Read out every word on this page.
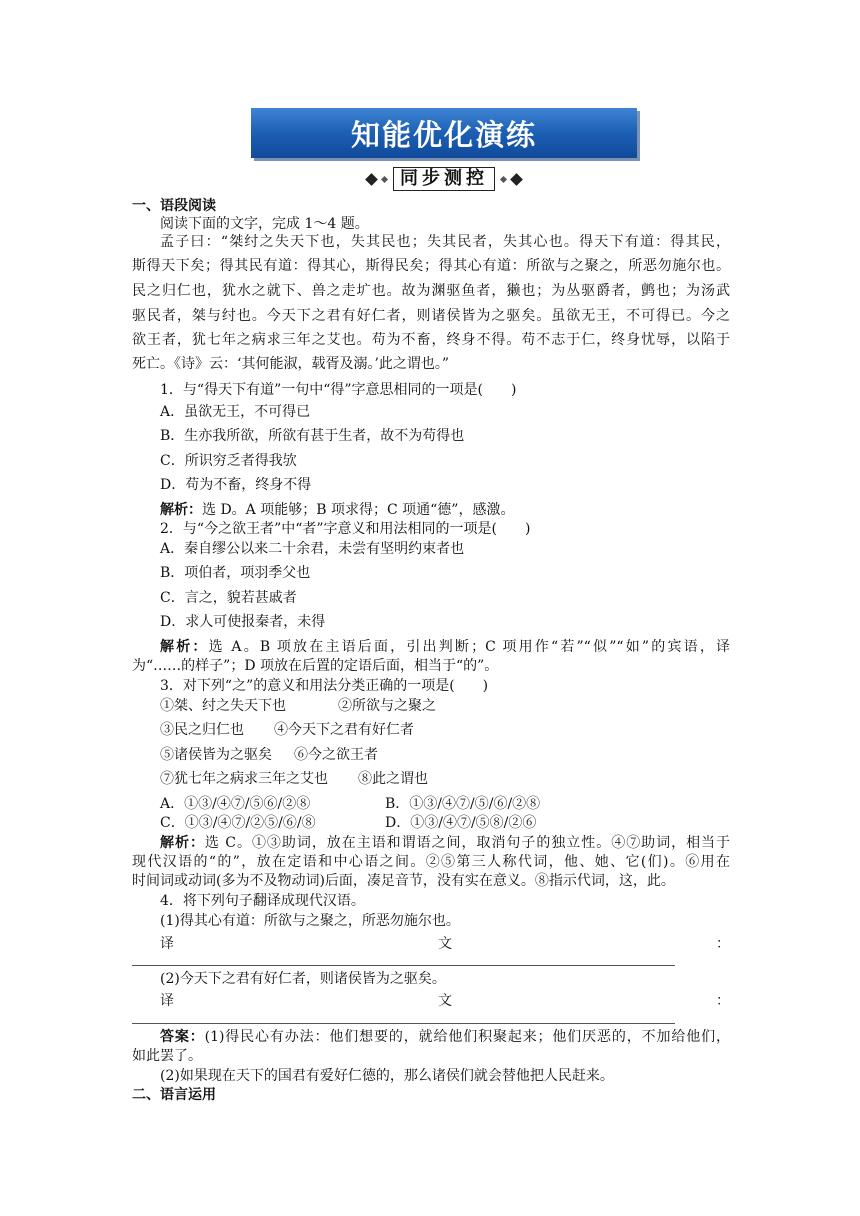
知能优化演练
同步测控
一、语段阅读
阅读下面的文字，完成 1～4 题。
孟子曰：“桀纣之失天下也，失其民也；失其民者，失其心也。得天下有道：得其民，
斯得天下矣；得其民有道：得其心，斯得民矣；得其心有道：所欲与之聚之，所恶勿施尔也。
民之归仁也，犹水之就下、兽之走圹也。故为渊驱鱼者，獭也；为丛驱爵者，鹯也；为汤武
驱民者，桀与纣也。今天下之君有好仁者，则诸侯皆为之驱矣。虽欲无王，不可得已。今之
欲王者，犹七年之病求三年之艾也。苟为不畜，终身不得。苟不志于仁，终身忧辱，以陷于
死亡。《诗》云：‘其何能淑，载胥及溺。’此之谓也。”
1．与“得天下有道”一句中“得”字意思相同的一项是(　　)
A．虽欲无王，不可得已
B．生亦我所欲，所欲有甚于生者，故不为苟得也
C．所识穷乏者得我欤
D．苟为不畜，终身不得
解析：选 D。A 项能够；B 项求得；C 项通“德”，感激。
2．与“今之欲王者”中“者”字意义和用法相同的一项是(　　)
A．秦自缪公以来二十余君，未尝有坚明约束者也
B．项伯者，项羽季父也
C．言之，貌若甚戚者
D．求人可使报秦者，未得
解析：选 A。B 项放在主语后面，引出判断；C 项用作“若”“似”“如”的宾语，译
为“……的样子”；D 项放在后置的定语后面，相当于“的”。
3．对下列“之”的意义和用法分类正确的一项是(　　)
①桀、纣之失天下也	②所欲与之聚之
③民之归仁也 ④今天下之君有好仁者
⑤诸侯皆为之驱矣 ⑥今之欲王者
⑦犹七年之病求三年之艾也 ⑧此之谓也
A．①③/④⑦/⑤⑥/②⑧	B．①③/④⑦/⑤/⑥/②⑧
C．①③/④⑦/②⑤/⑥/⑧	D．①③/④⑦/⑤⑧/②⑥
解析：选 C。①③助词，放在主语和谓语之间，取消句子的独立性。④⑦助词，相当于
现代汉语的“的”，放在定语和中心语之间。②⑤第三人称代词，他、她、它(们)。⑥用在
时间词或动词(多为不及物动词)后面，凑足音节，没有实在意义。⑧指示代词，这，此。
4．将下列句子翻译成现代汉语。
(1)得其心有道：所欲与之聚之，所恶勿施尔也。
译文：
(2)今天下之君有好仁者，则诸侯皆为之驱矣。
译文：
答案：(1)得民心有办法：他们想要的，就给他们积聚起来；他们厌恶的，不加给他们，
如此罢了。
(2)如果现在天下的国君有爱好仁德的，那么诸侯们就会替他把人民赶来。
二、语言运用
